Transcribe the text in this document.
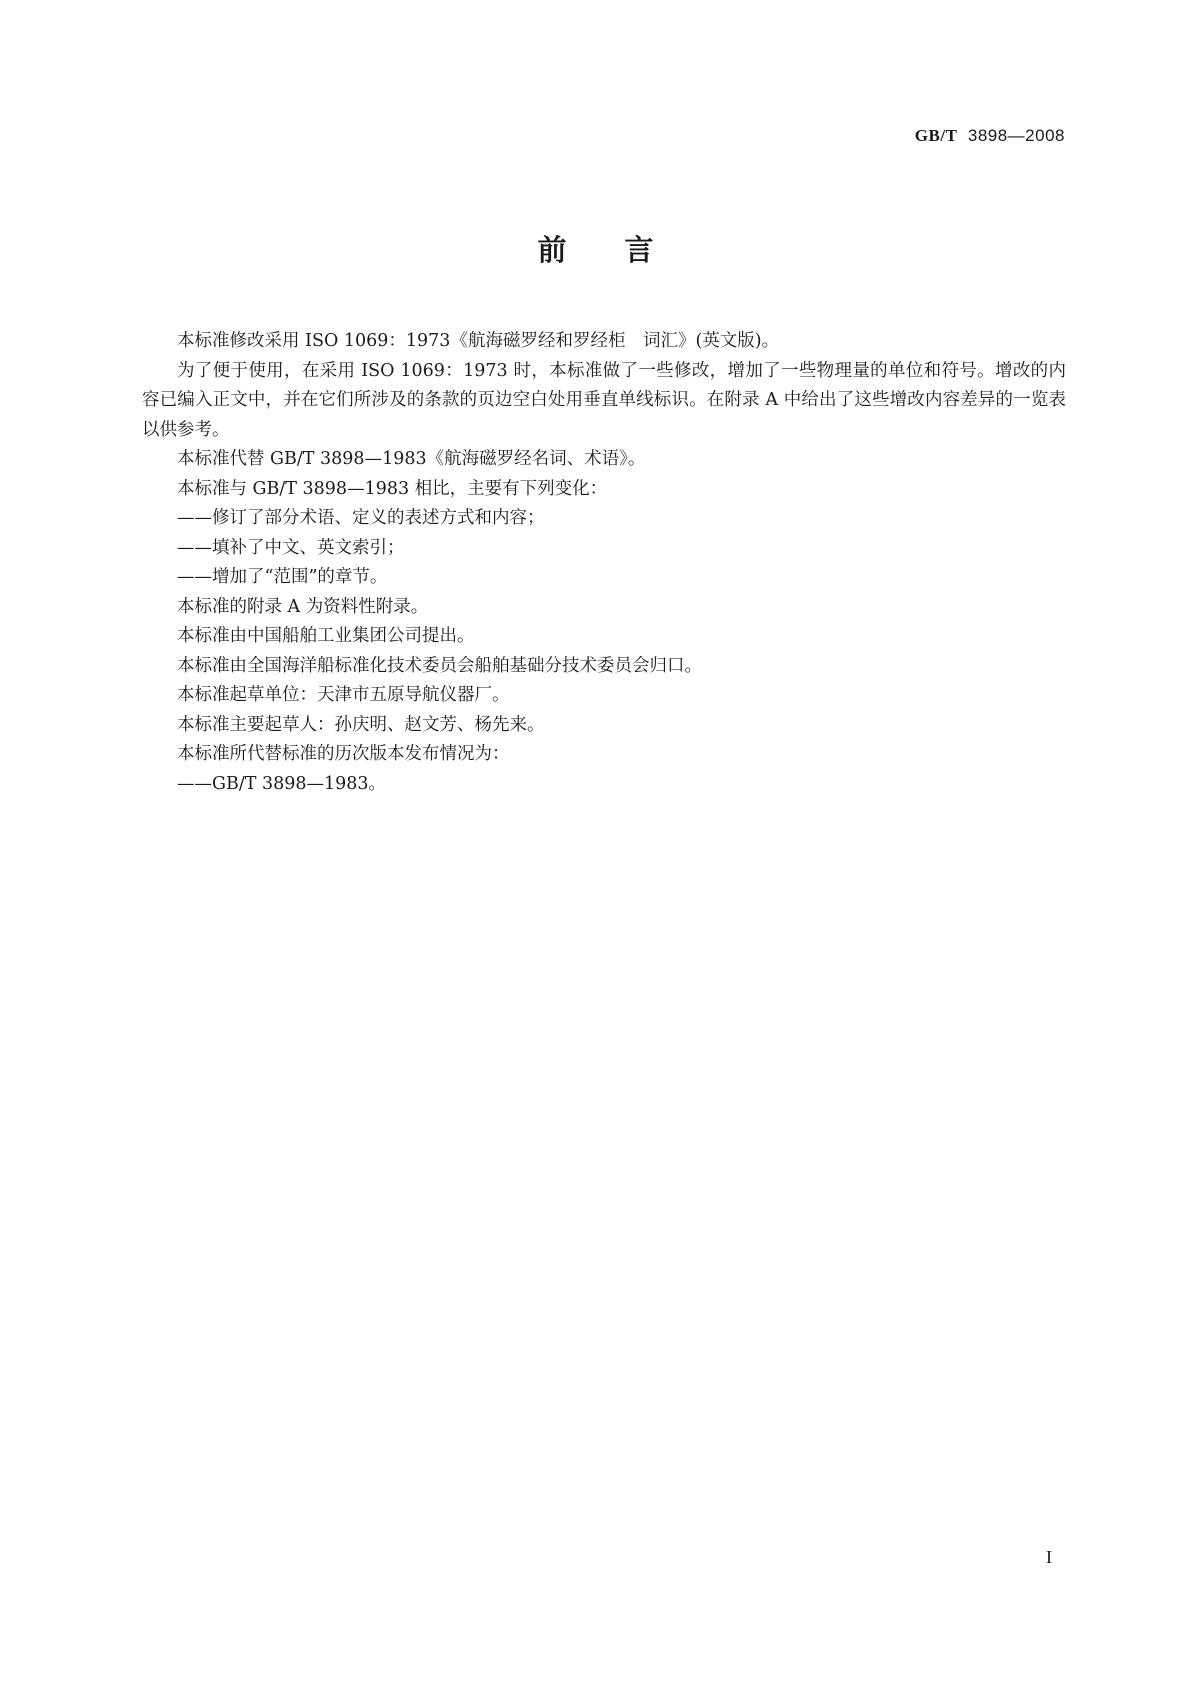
GB/T 3898—2008
前言

本标准修改采用 ISO 1069：1973《航海磁罗经和罗经柜　词汇》(英文版)。

为了便于使用，在采用 ISO 1069：1973 时，本标准做了一些修改，增加了一些物理量的单位和符号。增改的内容已编入正文中，并在它们所涉及的条款的页边空白处用垂直单线标识。在附录 A 中给出了这些增改内容差异的一览表以供参考。

本标准代替 GB/T 3898—1983《航海磁罗经名词、术语》。

本标准与 GB/T 3898—1983 相比，主要有下列变化：

——修订了部分术语、定义的表述方式和内容；

——填补了中文、英文索引；

——增加了“范围”的章节。

本标准的附录 A 为资料性附录。

本标准由中国船舶工业集团公司提出。

本标准由全国海洋船标准化技术委员会船舶基础分技术委员会归口。

本标准起草单位：天津市五原导航仪器厂。

本标准主要起草人：孙庆明、赵文芳、杨先来。

本标准所代替标准的历次版本发布情况为：

——GB/T 3898—1983。

I
